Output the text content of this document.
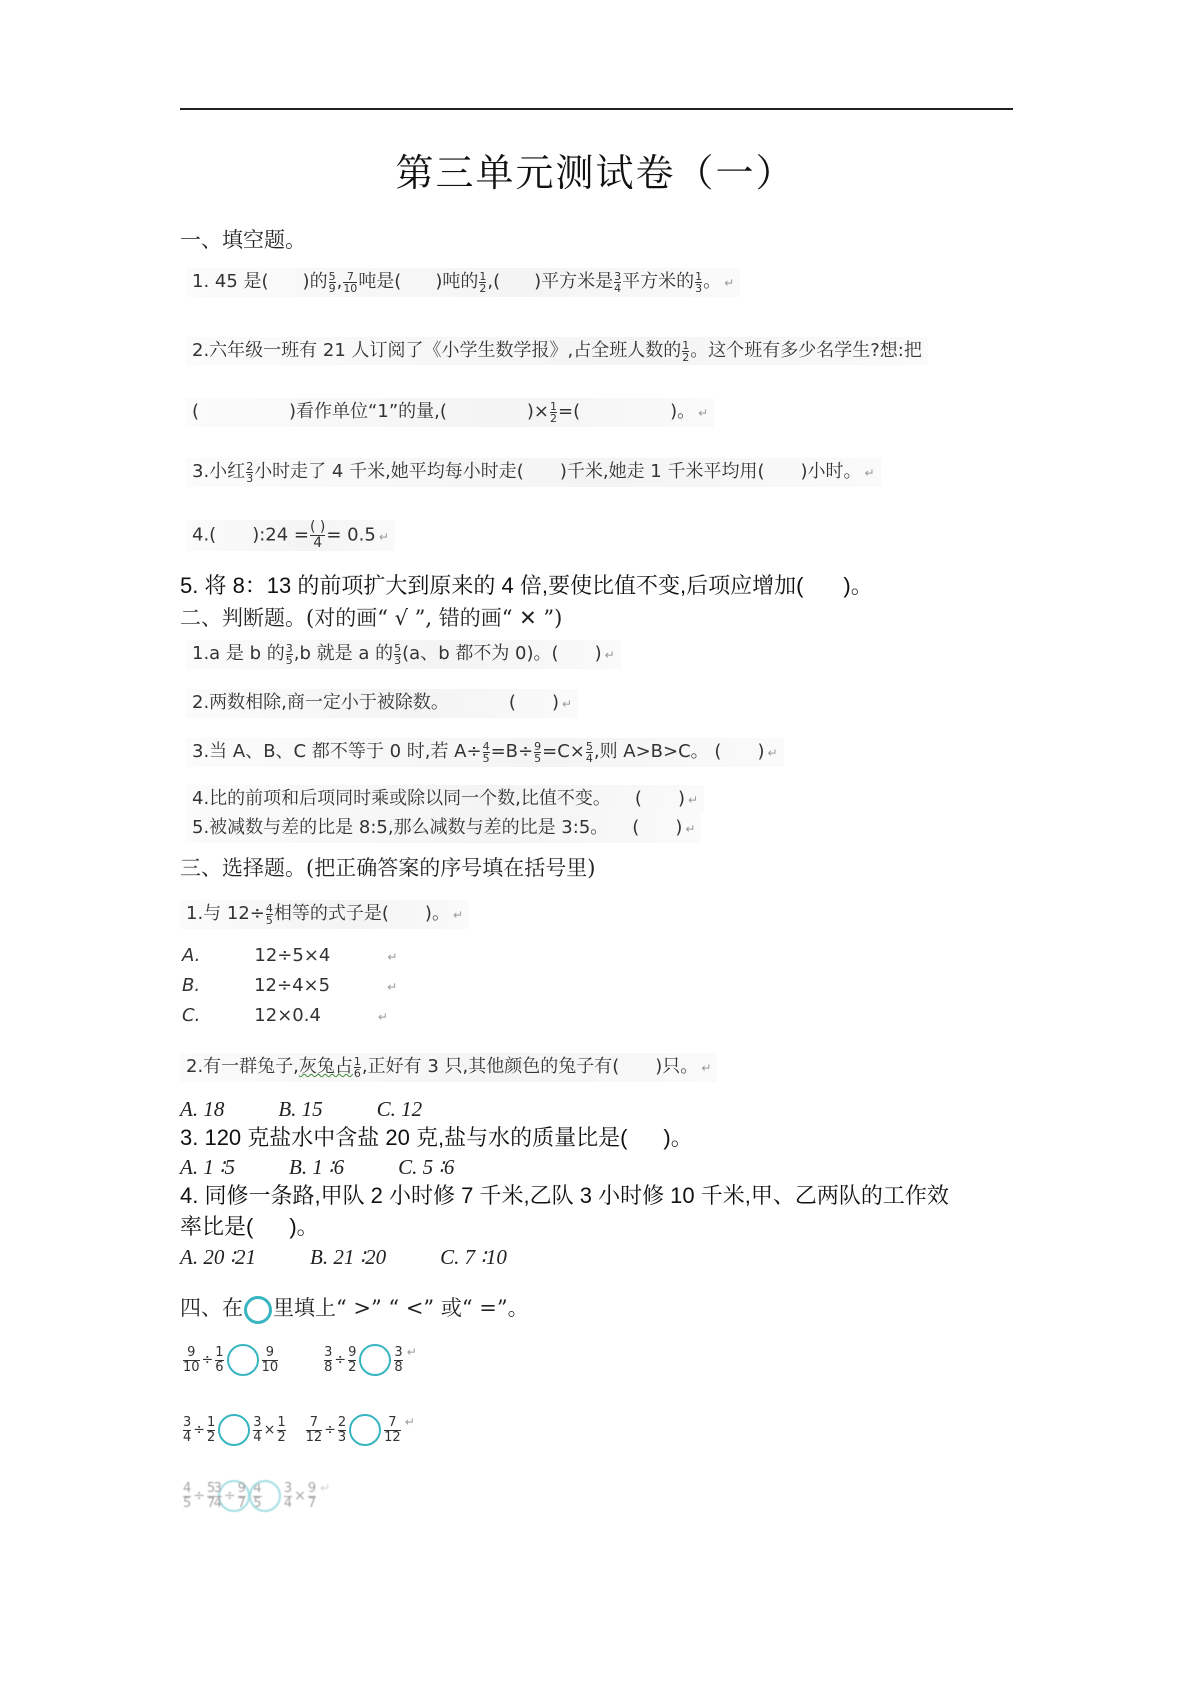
第三单元测试卷（一）
一、填空题。
1. 45 是( )的 $\frac{5}{9}$ , $\frac{7}{10}$ 吨是( )吨的 $\frac{1}{2}$ ,( )平方米是 $\frac{3}{4}$ 平方米的 $\frac{1}{3}$ 。 ↵
2.六年级一班有 21 人订阅了《小学生数学报》,占全班人数的 $\frac{1}{2}$ 。这个班有多少名学生?想:把
(	)看作单位“1”的量,(	)× $\frac{1}{2}$ =(	)。 ↵
3.小红 $\frac{2}{3}$ 小时走了 4 千米,她平均每小时走( )千米,她走 1 千米平均用( )小时。 ↵
4.( ):24 = $\frac{( )}{4} = 0.5$ ↵
5. 将 8：13 的前项扩大到原来的 4 倍,要使比值不变,后项应增加( )。
二、判断题。(对的画“ √ ”, 错的画“ ✕ ”)
1.a 是 b 的 $\frac{3}{5} ,b$ 就是 a 的 $\frac{5}{3} (a$、b 都不为 0)。( ) ↵
2.两数相除,商一定小于被除数。	( ) ↵
3.当 A、B、C 都不等于 0 时,若 $A\div \frac{4}{5} =B\div \frac{9}{5} =C\times \frac{5}{4}$ ,则 A>B>C。 ( ) ↵
4.比的前项和后项同时乘或除以同一个数,比值不变。 ( ) ↵
5.被减数与差的比是 8:5,那么减数与差的比是 3:5。 ( ) ↵
三、选择题。(把正确答案的序号填在括号里)
1.与 $12\div \frac{4}{5}$ 相等的式子是( )。 ↵
A.	12÷5×4	↵
B.	12÷4×5	↵
C.	12×0.4	↵
2.有一群兔子,灰兔占 $\frac{1}{6}$ ,正好有 3 只,其他颜色的兔子有( )只。 ↵
A. 18	B. 15	C. 12
3. 120 克盐水中含盐 20 克,盐与水的质量比是( )。
A. 1 ∶5	B. 1 ∶6	C. 5 ∶6
4. 同修一条路,甲队 2 小时修 7 千米,乙队 3 小时修 10 千米,甲、乙两队的工作效
率比是( )。
A. 20 ∶21	B. 21 ∶20	C. 7 ∶10
四、在 里填上“ >” “ <” 或“ =”。
$\frac{9}{10} \div \frac{1}{6}$	$\frac{9}{10}$	$\frac{3}{8} \div \frac{9}{2}$	$\frac{3}{8}$ ↵
$\frac{3}{4} \div \frac{1}{2}$	$\frac{3}{4} \times \frac{1}{2} \frac{7}{12} \div \frac{2}{3}$	$\frac{7}{12}$ ↵
$\frac{4}{5} \div \frac{5}{7}$	$\frac{4}{5}$
$\frac{3}{4} \div \frac{9}{7}$	$\frac{3}{4} \times \frac{9}{7}$ ↵
